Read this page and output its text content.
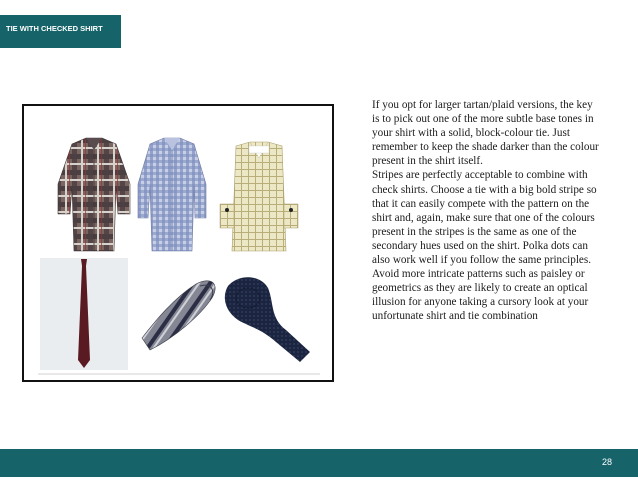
TIE WITH CHECKED SHIRT

If you opt for larger tartan/plaid versions, the key is to pick out one of the more subtle base tones in your shirt with a solid, block-colour tie. Just remember to keep the shade darker than the colour present in the shirt itself.

Stripes are perfectly acceptable to combine with check shirts. Choose a tie with a big bold stripe so that it can easily compete with the pattern on the shirt and, again, make sure that one of the colours present in the stripes is the same as one of the secondary hues used on the shirt. Polka dots can also work well if you follow the same principles.

Avoid more intricate patterns such as paisley or geometrics as they are likely to create an optical illusion for anyone taking a cursory look at your unfortunate shirt and tie combination

28
